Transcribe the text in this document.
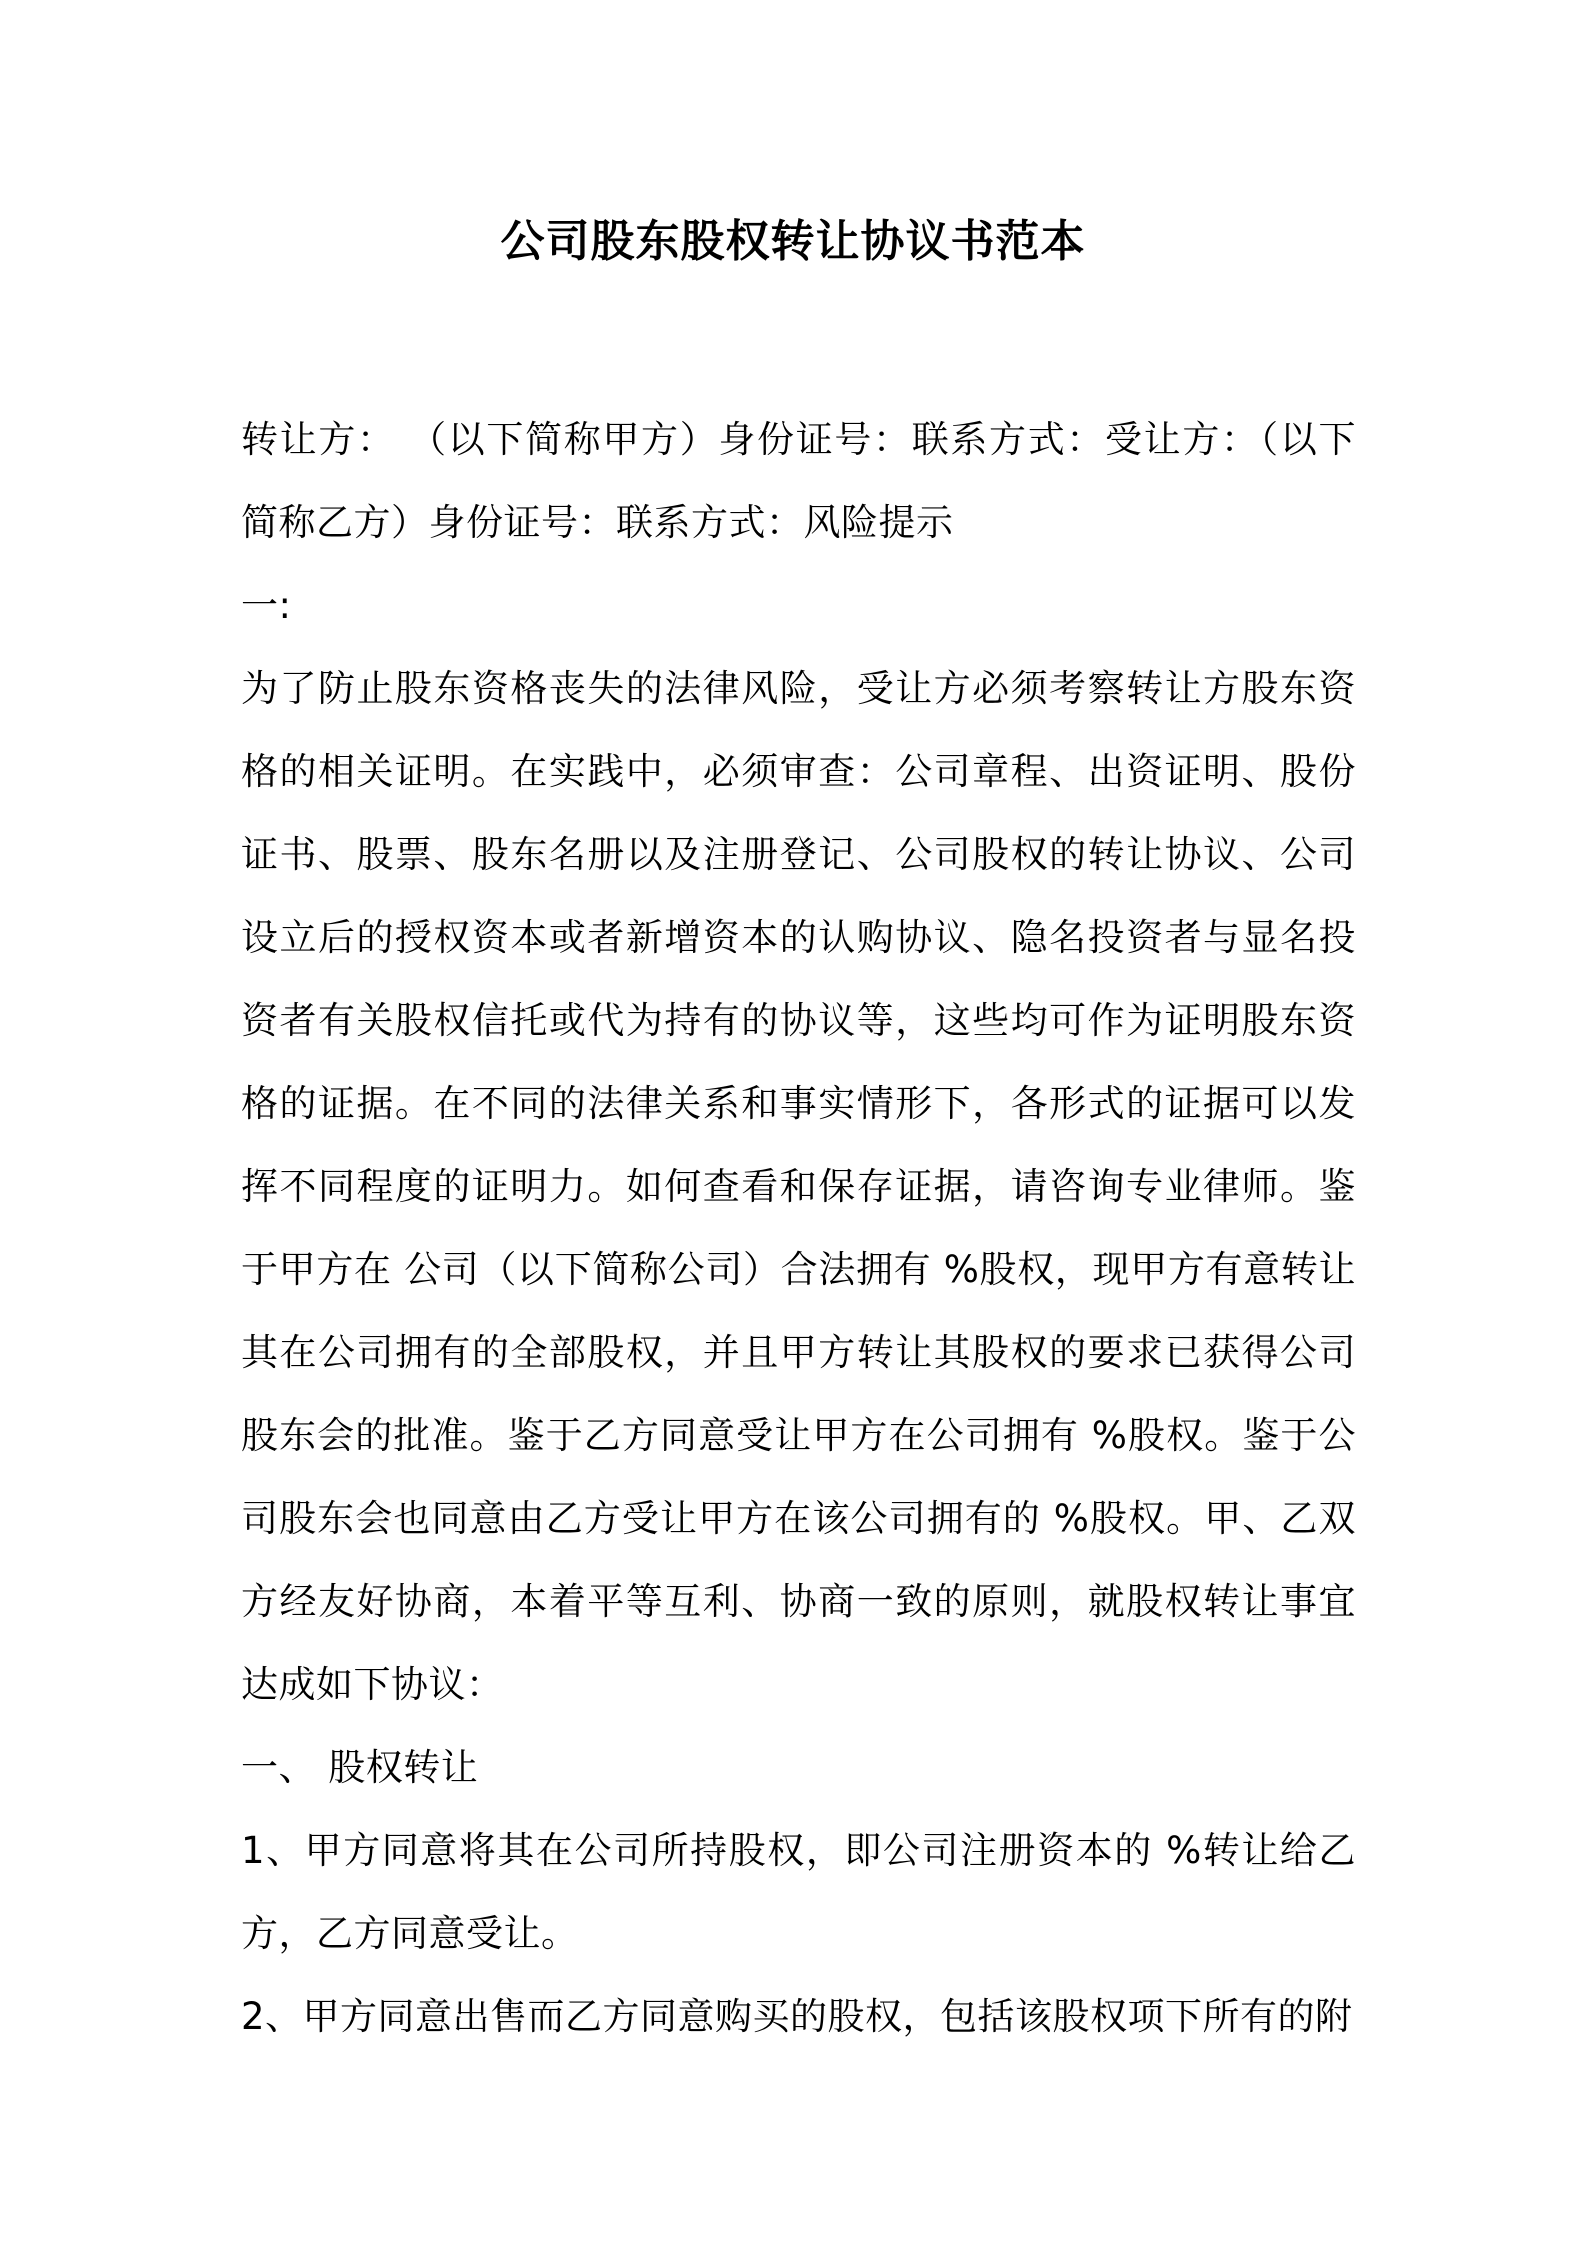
公司股东股权转让协议书范本

转让方： （以下简称甲方）身份证号：联系方式：受让方：（以下简称乙方）身份证号：联系方式：风险提示

一:

为了防止股东资格丧失的法律风险，受让方必须考察转让方股东资格的相关证明。在实践中，必须审查：公司章程、出资证明、股份证书、股票、股东名册以及注册登记、公司股权的转让协议、公司设立后的授权资本或者新增资本的认购协议、隐名投资者与显名投资者有关股权信托或代为持有的协议等，这些均可作为证明股东资格的证据。在不同的法律关系和事实情形下，各形式的证据可以发挥不同程度的证明力。如何查看和保存证据，请咨询专业律师。鉴于甲方在 公司（以下简称公司）合法拥有 %股权，现甲方有意转让其在公司拥有的全部股权，并且甲方转让其股权的要求已获得公司股东会的批准。鉴于乙方同意受让甲方在公司拥有 %股权。鉴于公司股东会也同意由乙方受让甲方在该公司拥有的 %股权。甲、乙双方经友好协商，本着平等互利、协商一致的原则，就股权转让事宜达成如下协议：

一、 股权转让

1、甲方同意将其在公司所持股权，即公司注册资本的 %转让给乙方，乙方同意受让。

2、甲方同意出售而乙方同意购买的股权，包括该股权项下所有的附
